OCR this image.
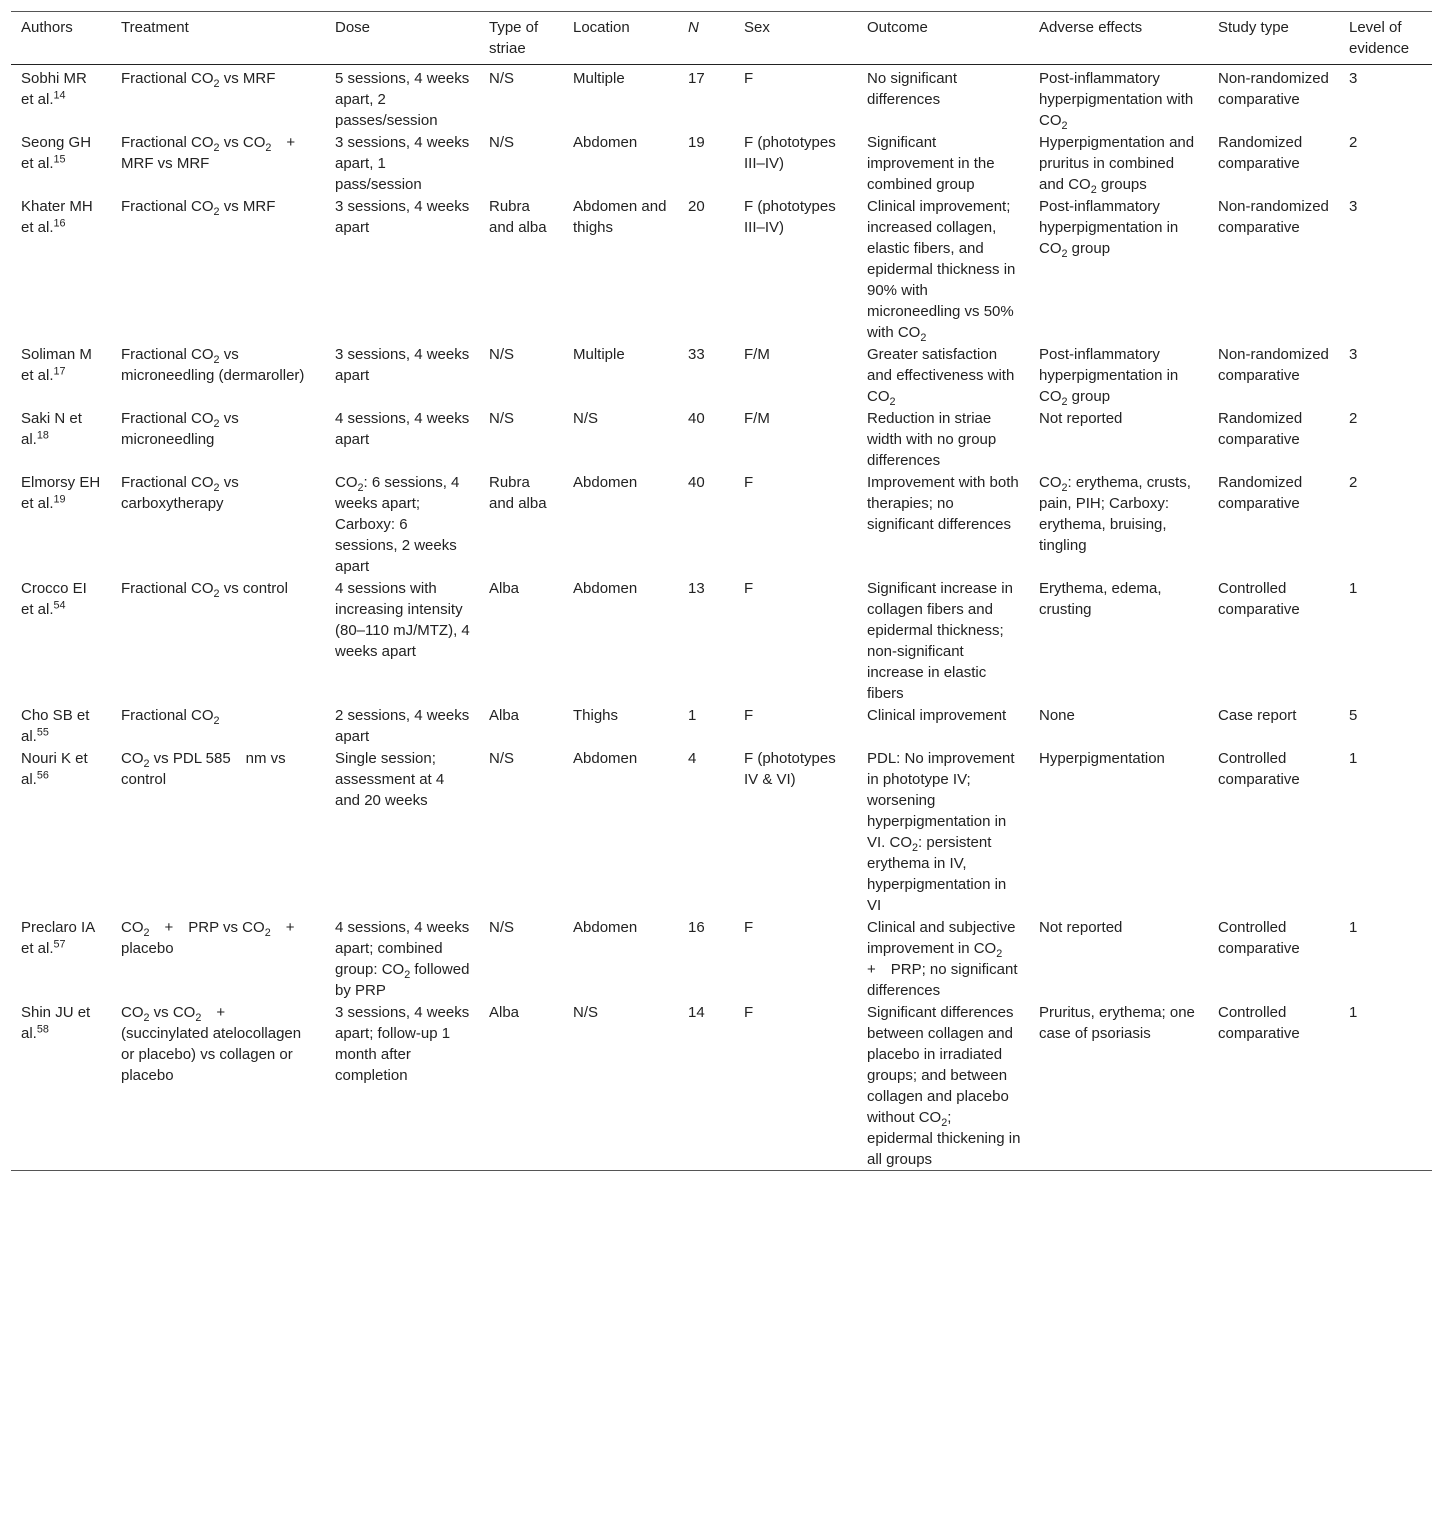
Authors	Treatment	Dose	Type of striae	Location	N	Sex	Outcome	Adverse effects	Study type	Level of evidence
Sobhi MR et al.$^{14}$	Fractional $CO_2$ vs MRF	5 sessions, 4 weeks apart, 2 passes/session	N/S	Multiple	17	F	No significant differences	Post-inflammatory hyperpigmentation with $CO_2$	Non-randomized comparative	3
Seong GH et al.$^{15}$	Fractional $CO_2$ vs $CO_2$ + MRF vs MRF	3 sessions, 4 weeks apart, 1 pass/session	N/S	Abdomen	19	F (phototypes III–IV)	Significant improvement in the combined group	Hyperpigmentation and pruritus in combined and $CO_2$ groups	Randomized comparative	2
Khater MH et al.$^{16}$	Fractional $CO_2$ vs MRF	3 sessions, 4 weeks apart	Rubra and alba	Abdomen and thighs	20	F (phototypes III–IV)	Clinical improvement; increased collagen, elastic fibers, and epidermal thickness in 90% with microneedling vs 50% with $CO_2$	Post-inflammatory hyperpigmentation in $CO_2$ group	Non-randomized comparative	3
Soliman M et al.$^{17}$	Fractional $CO_2$ vs microneedling (dermaroller)	3 sessions, 4 weeks apart	N/S	Multiple	33	F/M	Greater satisfaction and effectiveness with $CO_2$	Post-inflammatory hyperpigmentation in $CO_2$ group	Non-randomized comparative	3
Saki N et al.$^{18}$	Fractional $CO_2$ vs microneedling	4 sessions, 4 weeks apart	N/S	N/S	40	F/M	Reduction in striae width with no group differences	Not reported	Randomized comparative	2
Elmorsy EH et al.$^{19}$	Fractional $CO_2$ vs carboxytherapy	$CO_2$: 6 sessions, 4 weeks apart; Carboxy: 6 sessions, 2 weeks apart	Rubra and alba	Abdomen	40	F	Improvement with both therapies; no significant differences	$CO_2$: erythema, crusts, pain, PIH; Carboxy: erythema, bruising, tingling	Randomized comparative	2
Crocco EI et al.$^{54}$	Fractional $CO_2$ vs control	4 sessions with increasing intensity (80–110 mJ/MTZ), 4 weeks apart	Alba	Abdomen	13	F	Significant increase in collagen fibers and epidermal thickness; non-significant increase in elastic fibers	Erythema, edema, crusting	Controlled comparative	1
Cho SB et al.$^{55}$	Fractional $CO_2$	2 sessions, 4 weeks apart	Alba	Thighs	1	F	Clinical improvement	None	Case report	5
Nouri K et al.$^{56}$	$CO_2$ vs PDL 585 nm vs control	Single session; assessment at 4 and 20 weeks	N/S	Abdomen	4	F (phototypes IV & VI)	PDL: No improvement in phototype IV; worsening hyperpigmentation in VI. $CO_2$: persistent erythema in IV, hyperpigmentation in VI	Hyperpigmentation	Controlled comparative	1
Preclaro IA et al.$^{57}$	$CO_2$ + PRP vs $CO_2$ + placebo	4 sessions, 4 weeks apart; combined group: $CO_2$ followed by PRP	N/S	Abdomen	16	F	Clinical and subjective improvement in $CO_2$ + PRP; no significant differences	Not reported	Controlled comparative	1
Shin JU et al.$^{58}$	$CO_2$ vs $CO_2$ + (succinylated atelocollagen or placebo) vs collagen or placebo	3 sessions, 4 weeks apart; follow-up 1 month after completion	Alba	N/S	14	F	Significant differences between collagen and placebo in irradiated groups; and between collagen and placebo without $CO_2$; epidermal thickening in all groups	Pruritus, erythema; one case of psoriasis	Controlled comparative	1
